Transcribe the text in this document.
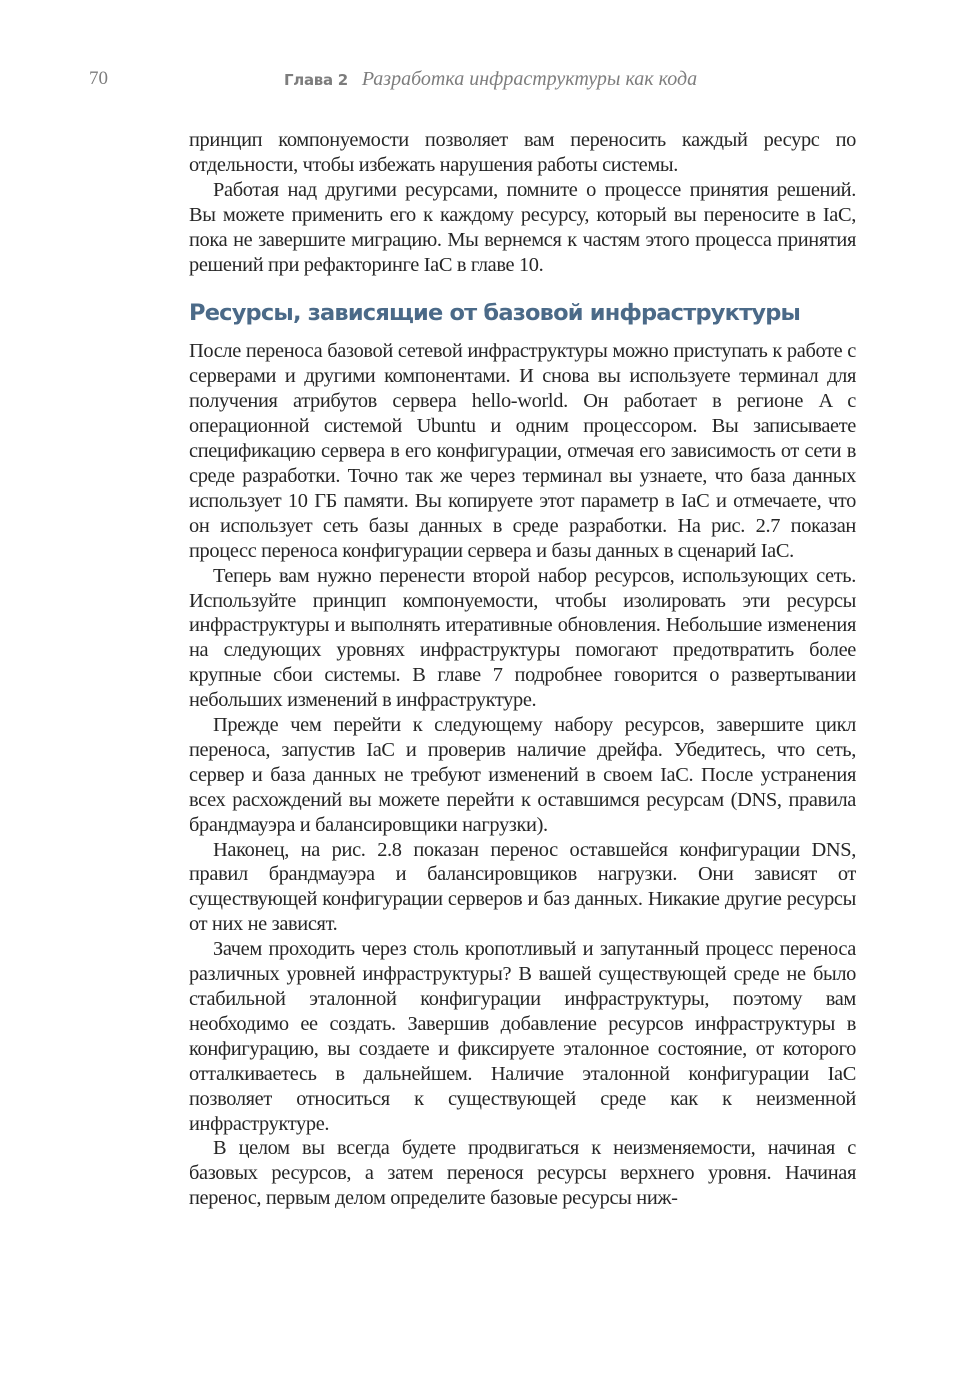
70	Глава 2 Разработка инфраструктуры как кода

принцип компонуемости позволяет вам переносить каждый ресурс по отдельности, чтобы избежать нарушения работы системы.

Работая над другими ресурсами, помните о процессе принятия решений. Вы можете применить его к каждому ресурсу, который вы переносите в IaC, пока не завершите миграцию. Мы вернемся к частям этого процесса принятия решений при рефакторинге IaC в главе 10.

Ресурсы, зависящие от базовой инфраструктуры

После переноса базовой сетевой инфраструктуры можно приступать к работе с серверами и другими компонентами. И снова вы используете терминал для получения атрибутов сервера hello-world. Он работает в регионе A с операционной системой Ubuntu и одним процессором. Вы записываете спецификацию сервера в его конфигурации, отмечая его зависимость от сети в среде разработки. Точно так же через терминал вы узнаете, что база данных использует 10 ГБ памяти. Вы копируете этот параметр в IaC и отмечаете, что он использует сеть базы данных в среде разработки. На рис. 2.7 показан процесс переноса конфигурации сервера и базы данных в сценарий IaC.

Теперь вам нужно перенести второй набор ресурсов, использующих сеть. Используйте принцип компонуемости, чтобы изолировать эти ресурсы инфраструктуры и выполнять итеративные обновления. Небольшие изменения на следующих уровнях инфраструктуры помогают предотвратить более крупные сбои системы. В главе 7 подробнее говорится о развертывании небольших изменений в инфраструктуре.

Прежде чем перейти к следующему набору ресурсов, завершите цикл переноса, запустив IaC и проверив наличие дрейфа. Убедитесь, что сеть, сервер и база данных не требуют изменений в своем IaC. После устранения всех расхождений вы можете перейти к оставшимся ресурсам (DNS, правила брандмауэра и балансировщики нагрузки).

Наконец, на рис. 2.8 показан перенос оставшейся конфигурации DNS, правил брандмауэра и балансировщиков нагрузки. Они зависят от существующей конфигурации серверов и баз данных. Никакие другие ресурсы от них не зависят.

Зачем проходить через столь кропотливый и запутанный процесс переноса различных уровней инфраструктуры? В вашей существующей среде не было стабильной эталонной конфигурации инфраструктуры, поэтому вам необходимо ее создать. Завершив добавление ресурсов инфраструктуры в конфигурацию, вы создаете и фиксируете эталонное состояние, от которого отталкиваетесь в дальнейшем. Наличие эталонной конфигурации IaC позволяет относиться к существующей среде как к неизменной инфраструктуре.

В целом вы всегда будете продвигаться к неизменяемости, начиная с базовых ресурсов, а затем перенося ресурсы верхнего уровня. Начиная перенос, первым делом определите базовые ресурсы ниж-
